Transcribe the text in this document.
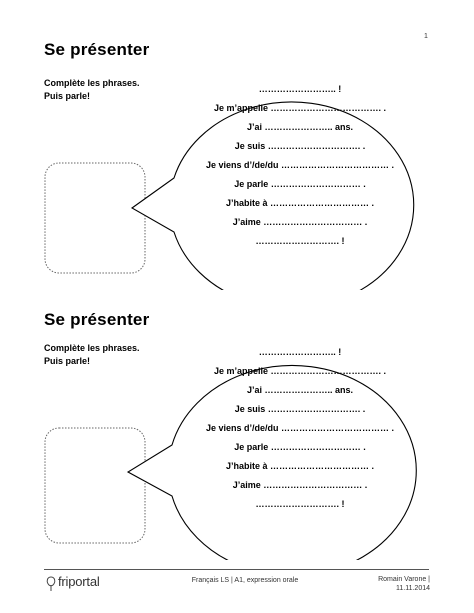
1
Se présenter
Complète les phrases.
Puis parle!
…………………….. !
Je m’appelle ………………………………. .
J’ai ………………….. ans.
Je suis …………………………. .
Je viens d’/de/du ……………………………… .
Je parle ………………………… .
J’habite à …………………………… .
J’aime …………………………… .
………………………. !
Se présenter
Complète les phrases.
Puis parle!
…………………….. !
Je m’appelle ………………………………. .
J’ai ………………….. ans.
Je suis …………………………. .
Je viens d’/de/du ……………………………… .
Je parle ………………………… .
J’habite à …………………………… .
J’aime …………………………… .
………………………. !
friportal	Français LS | A1, expression orale	Romain Varone |
11.11.2014
